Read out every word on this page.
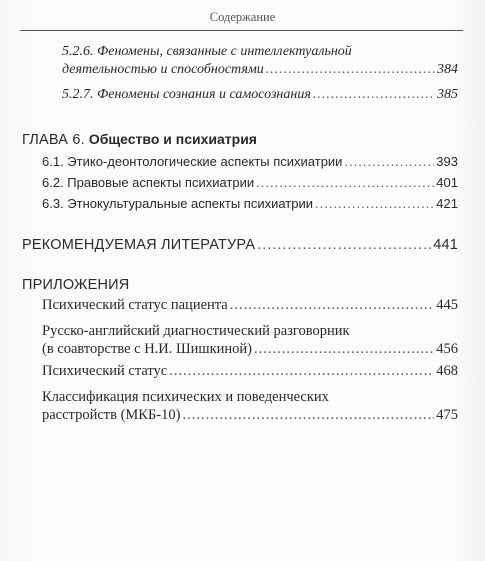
Содержание
5.2.6. Феномены, связанные с интеллектуальной
деятельностью и способностями .....	384
5.2.7. Феномены сознания и самосознания .....	385
ГЛАВА 6. Общество и психиатрия
6.1. Этико-деонтологические аспекты психиатрии .....	393
6.2. Правовые аспекты психиатрии .....	401
6.3. Этнокультуральные аспекты психиатрии .....	421
РЕКОМЕНДУЕМАЯ ЛИТЕРАТУРА .....	441
ПРИЛОЖЕНИЯ
Психический статус пациента .....	445
Русско-английский диагностический разговорник
(в соавторстве с Н.И. Шишкиной) .....	456
Психический статус .....	468
Классификация психических и поведенческих
расстройств (МКБ-10) .....	475
